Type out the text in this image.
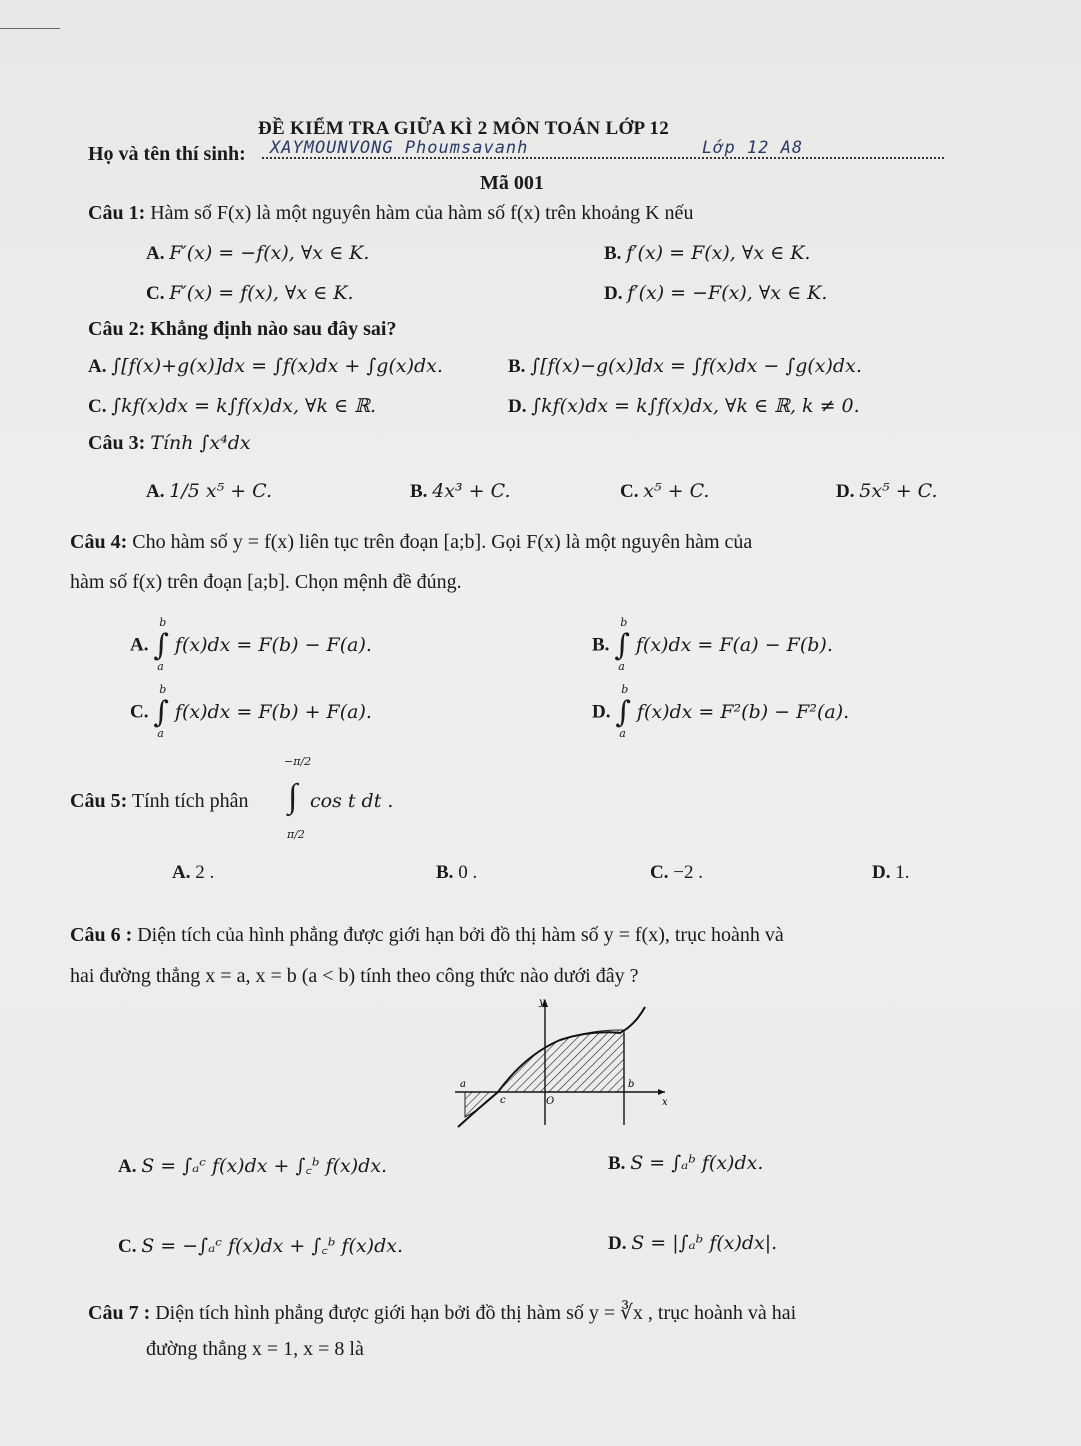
ĐỀ KIỂM TRA GIỮA KÌ 2 MÔN TOÁN LỚP 12
Họ và tên thí sinh: XAYMOUNVONG Phoumsavanh	Lớp 12 A8
Mã 001
Câu 1: Hàm số F(x) là một nguyên hàm của hàm số f(x) trên khoảng K nếu
A. F′(x) = −f(x), ∀x ∈ K.	B. f′(x) = F(x), ∀x ∈ K.
C. F′(x) = f(x), ∀x ∈ K.	D. f′(x) = −F(x), ∀x ∈ K.
Câu 2: Khẳng định nào sau đây sai?
A. ∫[f(x)+g(x)]dx = ∫f(x)dx + ∫g(x)dx.	B. ∫[f(x)−g(x)]dx = ∫f(x)dx − ∫g(x)dx.
C. ∫kf(x)dx = k∫f(x)dx, ∀k ∈ ℝ.	D. ∫kf(x)dx = k∫f(x)dx, ∀k ∈ ℝ, k ≠ 0.
Câu 3: Tính ∫x⁴dx
A. 1/5 x⁵ + C.	B. 4x³ + C.	C. x⁵ + C.	D. 5x⁵ + C.
Câu 4: Cho hàm số y = f(x) liên tục trên đoạn [a;b]. Gọi F(x) là một nguyên hàm của
hàm số f(x) trên đoạn [a;b]. Chọn mệnh đề đúng.
A. ∫
b
a
f(x)dx = F(b) − F(a).	B. ∫
b
a
f(x)dx = F(a) − F(b).
C. ∫
b
a
f(x)dx = F(b) + F(a).	D. ∫
b
a
f(x)dx = F²(b) − F²(a).
Câu 5: Tính tích phân
−π/2
∫ cos t dt .
π/2
A. 2 .	B. 0 .	C. −2 .	D. 1.
Câu 6 : Diện tích của hình phẳng được giới hạn bởi đồ thị hàm số y = f(x), trục hoành và
hai đường thẳng x = a, x = b (a < b) tính theo công thức nào dưới đây ?
y
x
a	b
c	O
A. S = ∫ₐᶜ f(x)dx + ∫꜀ᵇ f(x)dx.	B. S = ∫ₐᵇ f(x)dx.
C. S = −∫ₐᶜ f(x)dx + ∫꜀ᵇ f(x)dx.	D. S = |∫ₐᵇ f(x)dx|.
Câu 7 : Diện tích hình phẳng được giới hạn bởi đồ thị hàm số y = ∛x , trục hoành và hai
đường thẳng x = 1, x = 8 là
